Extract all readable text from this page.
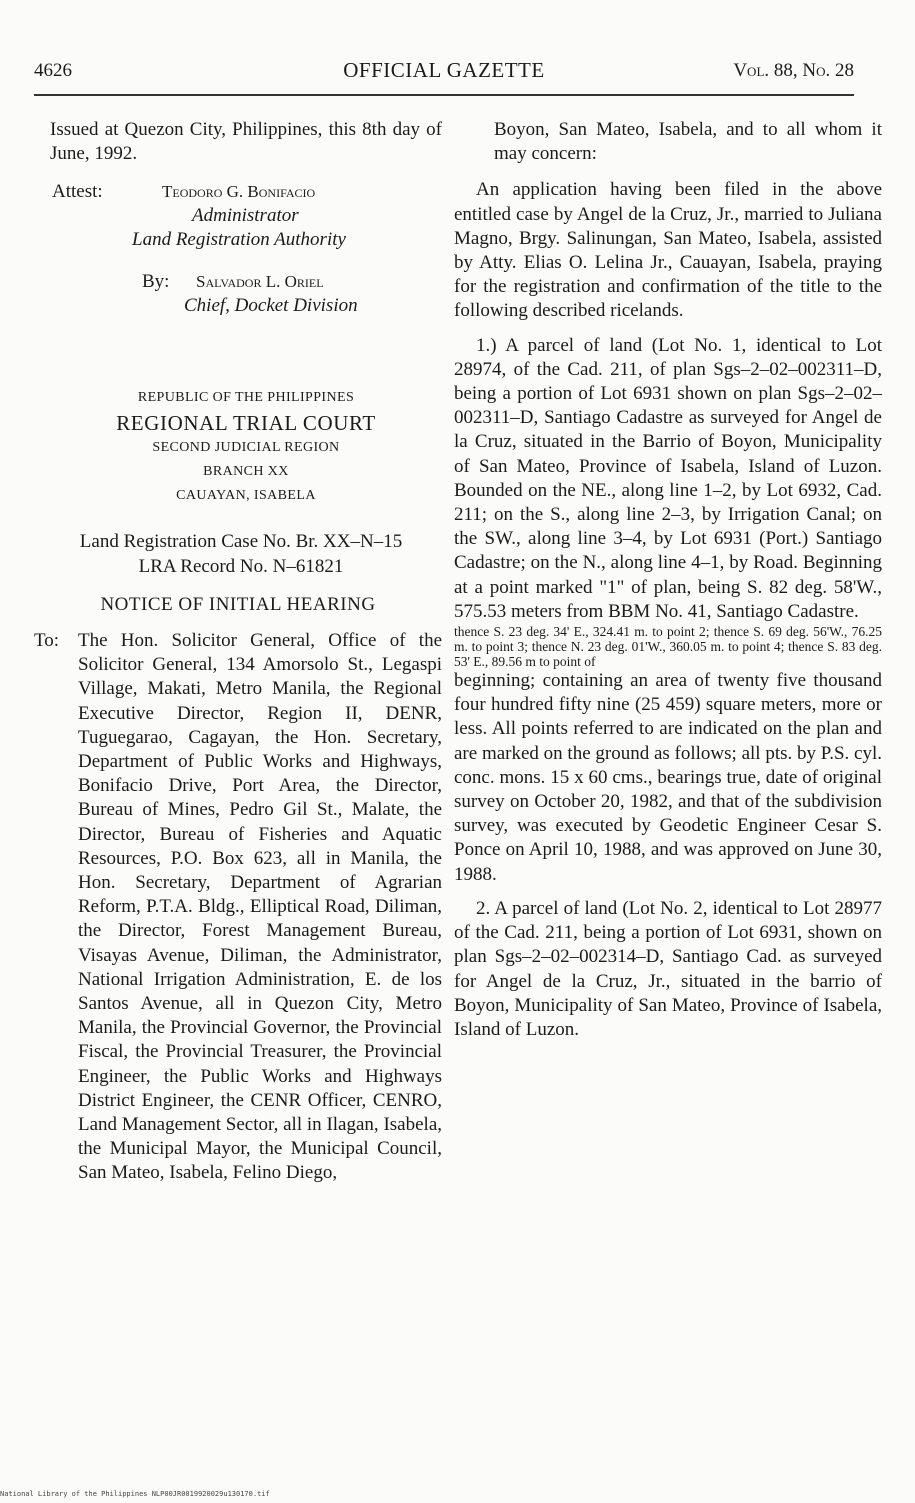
4626	OFFICIAL GAZETTE	Vol. 88, No. 28

Issued at Quezon City, Philippines, this 8th day of June, 1992.

Attest:	Teodoro G. Bonifacio
Administrator
Land Registration Authority
By: Salvador L. Oriel
Chief, Docket Division
REPUBLIC OF THE PHILIPPINES
REGIONAL TRIAL COURT
SECOND JUDICIAL REGION
BRANCH XX
CAUAYAN, ISABELA
Land Registration Case No. Br. XX–N–15
LRA Record No. N–61821
NOTICE OF INITIAL HEARING
To: The Hon. Solicitor General, Office of the Solicitor General, 134 Amorsolo St., Legaspi Village, Makati, Metro Manila, the Regional Executive Director, Region II, DENR, Tuguegarao, Cagayan, the Hon. Secretary, Department of Public Works and Highways, Bonifacio Drive, Port Area, the Director, Bureau of Mines, Pedro Gil St., Malate, the Director, Bureau of Fisheries and Aquatic Resources, P.O. Box 623, all in Manila, the Hon. Secretary, Department of Agrarian Reform, P.T.A. Bldg., Elliptical Road, Diliman, the Director, Forest Management Bureau, Visayas Avenue, Diliman, the Administrator, National Irrigation Administration, E. de los Santos Avenue, all in Quezon City, Metro Manila, the Provincial Governor, the Provincial Fiscal, the Provincial Treasurer, the Provincial Engineer, the Public Works and Highways District Engineer, the CENR Officer, CENRO, Land Management Sector, all in Ilagan, Isabela, the Municipal Mayor, the Municipal Council, San Mateo, Isabela, Felino Diego,

Boyon, San Mateo, Isabela, and to all whom it may concern:

An application having been filed in the above entitled case by Angel de la Cruz, Jr., married to Juliana Magno, Brgy. Salinungan, San Mateo, Isabela, assisted by Atty. Elias O. Lelina Jr., Cauayan, Isabela, praying for the registration and confirmation of the title to the following described ricelands.

1.) A parcel of land (Lot No. 1, identical to Lot 28974, of the Cad. 211, of plan Sgs–2–02–002311–D, being a portion of Lot 6931 shown on plan Sgs–2–02–002311–D, Santiago Cadastre as surveyed for Angel de la Cruz, situated in the Barrio of Boyon, Municipality of San Mateo, Province of Isabela, Island of Luzon. Bounded on the NE., along line 1–2, by Lot 6932, Cad. 211; on the S., along line 2–3, by Irrigation Canal; on the SW., along line 3–4, by Lot 6931 (Port.) Santiago Cadastre; on the N., along line 4–1, by Road. Beginning at a point marked "1" of plan, being S. 82 deg. 58'W., 575.53 meters from BBM No. 41, Santiago Cadastre.

thence S. 23 deg. 34' E., 324.41 m. to point 2; thence S. 69 deg. 56'W., 76.25 m. to point 3; thence N. 23 deg. 01'W., 360.05 m. to point 4; thence S. 83 deg. 53' E., 89.56 m to point of

beginning; containing an area of twenty five thousand four hundred fifty nine (25 459) square meters, more or less. All points referred to are indicated on the plan and are marked on the ground as follows; all pts. by P.S. cyl. conc. mons. 15 x 60 cms., bearings true, date of original survey on October 20, 1982, and that of the subdivision survey, was executed by Geodetic Engineer Cesar S. Ponce on April 10, 1988, and was approved on June 30, 1988.

2. A parcel of land (Lot No. 2, identical to Lot 28977 of the Cad. 211, being a portion of Lot 6931, shown on plan Sgs–2–02–002314–D, Santiago Cad. as surveyed for Angel de la Cruz, Jr., situated in the barrio of Boyon, Municipality of San Mateo, Province of Isabela, Island of Luzon.

National Library of the Philippines NLP00JR0019920029u130170.tif
